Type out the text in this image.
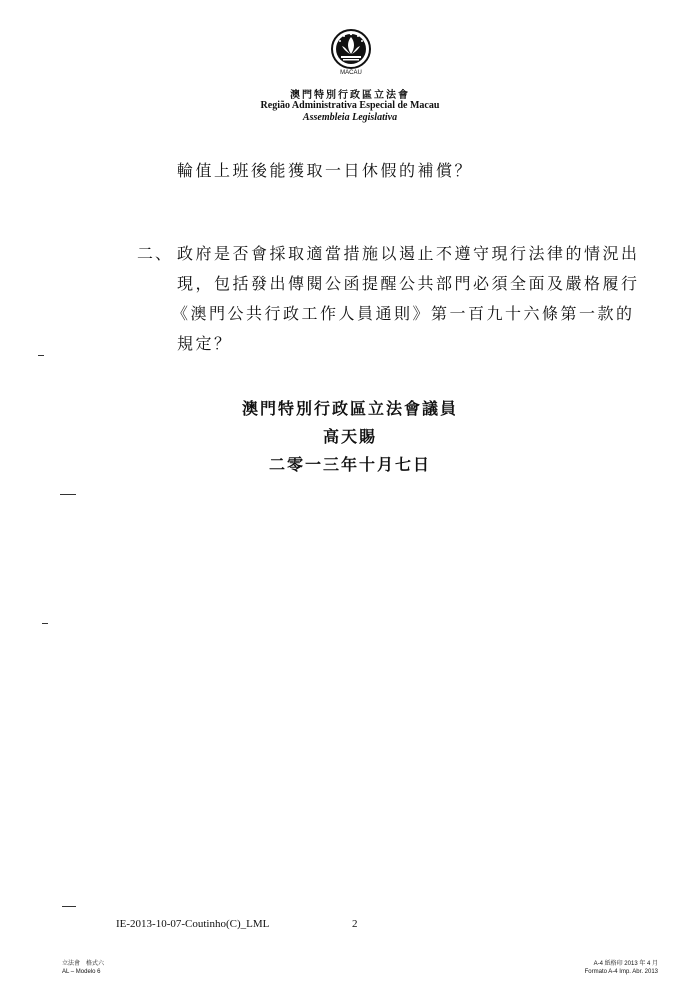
MACAU
澳門特別行政區立法會
Região Administrativa Especial de Macau
Assembleia Legislativa
輪值上班後能獲取一日休假的補償？
二、 政府是否會採取適當措施以遏止不遵守現行法律的情況出
現，包括發出傳閱公函提醒公共部門必須全面及嚴格履行
《澳門公共行政工作人員通則》第一百九十六條第一款的
規定？
澳門特別行政區立法會議員
高天賜
二零一三年十月七日
IE-2013-10-07-Coutinho(C)_LML	2
立法會　格式六
AL – Modelo 6
A-4 紙格印 2013 年 4 月
Formato A-4 Imp. Abr. 2013
